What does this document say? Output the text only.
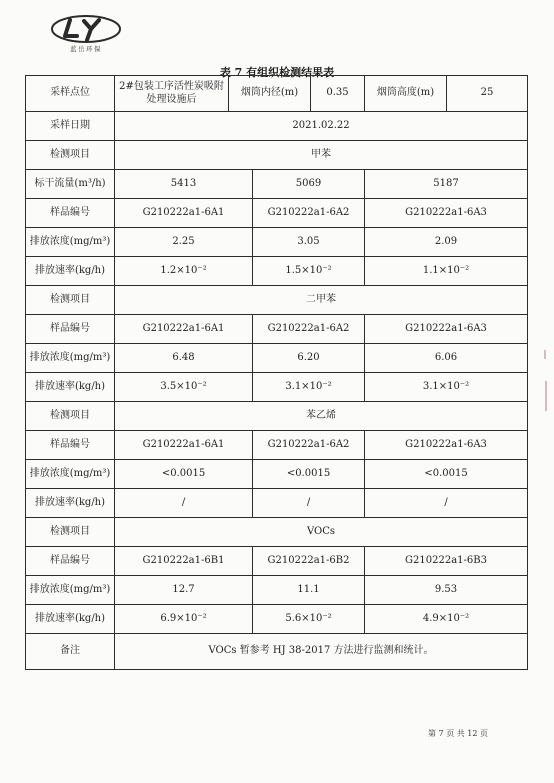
蓝岳环保
表 7 有组织检测结果表
采样点位	2#包装工序活性炭吸附处理设施后	烟筒内径(m)		0.35	烟筒高度(m)	25
采样日期	2021.02.22					
检测项目	甲苯					
标干流量(m³/h)	5413		5069		5187	
样品编号	G210222a1-6A1		G210222a1-6A2		G210222a1-6A3	
排放浓度(mg/m³)	2.25		3.05		2.09	
排放速率(kg/h)	1.2×10⁻²		1.5×10⁻²		1.1×10⁻²	
检测项目	二甲苯					
样品编号	G210222a1-6A1		G210222a1-6A2		G210222a1-6A3	
排放浓度(mg/m³)	6.48		6.20		6.06	
排放速率(kg/h)	3.5×10⁻²		3.1×10⁻²		3.1×10⁻²	
检测项目	苯乙烯					
样品编号	G210222a1-6A1		G210222a1-6A2		G210222a1-6A3	
排放浓度(mg/m³)	<0.0015		<0.0015		<0.0015	
排放速率(kg/h)	/		/		/	
检测项目	VOCs					
样品编号	G210222a1-6B1		G210222a1-6B2		G210222a1-6B3	
排放浓度(mg/m³)	12.7		11.1		9.53	
排放速率(kg/h)	6.9×10⁻²		5.6×10⁻²		4.9×10⁻²	
备注	VOCs 暂参考 HJ 38-2017 方法进行监测和统计。					
第 7 页 共 12 页
